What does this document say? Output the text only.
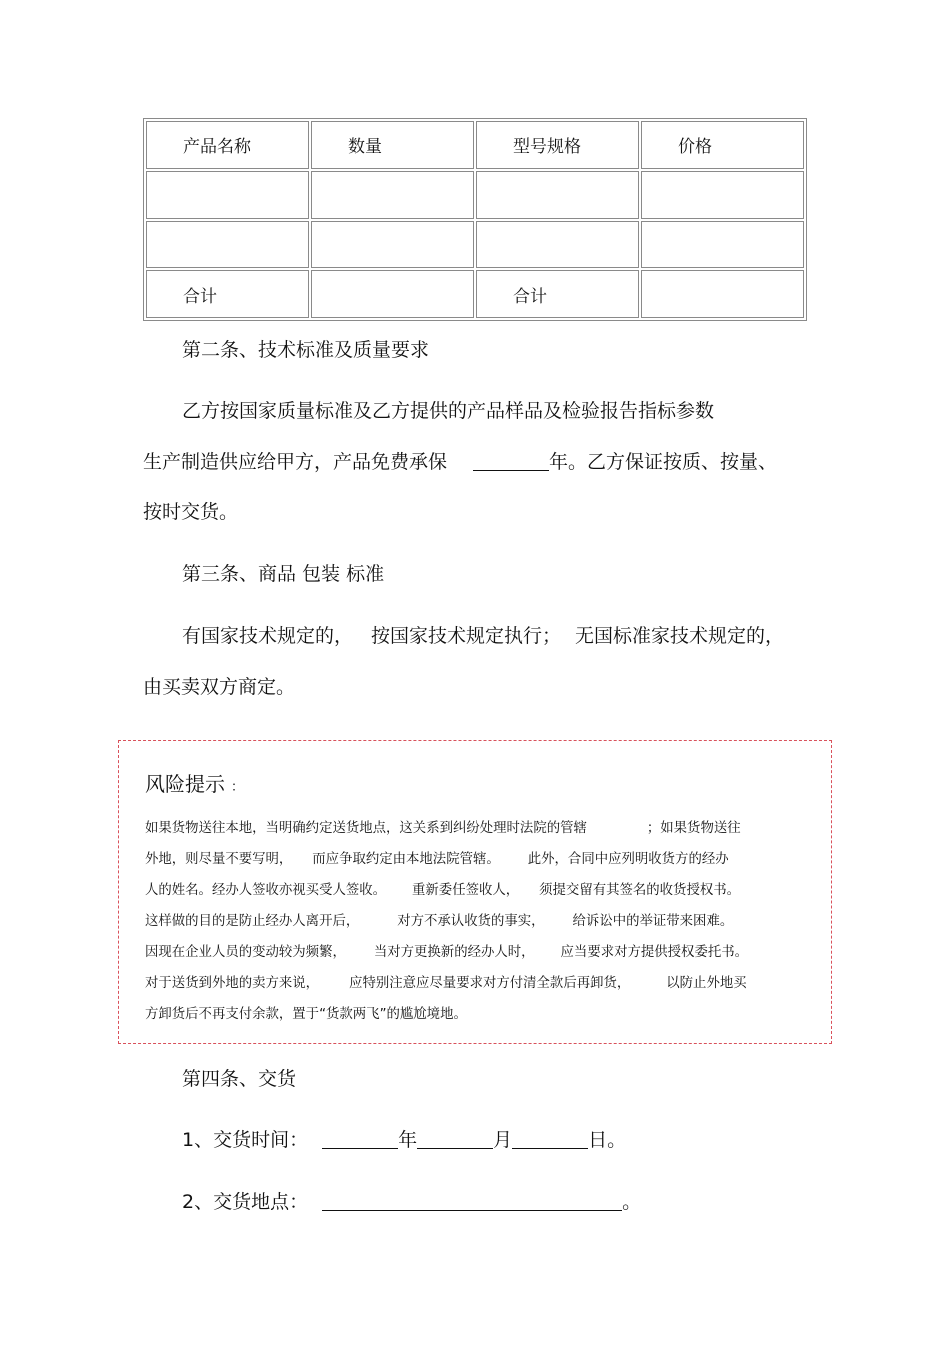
产品名称	数量	型号规格	价格

合计		合计	
第二条、技术标准及质量要求
乙方按国家质量标准及乙方提供的产品样品及检验报告指标参数
生产制造供应给甲方，产品免费承保	年。乙方保证按质、按量、
按时交货。
第三条、商品 包装 标准
有国家技术规定的， 按国家技术规定执行； 无国标准家技术规定的，
由买卖双方商定。
风险提示 ：
如果货物送往本地，当明确约定送货地点，这关系到纠纷处理时法院的管辖	；如果货物送往
外地，则尽量不要写明， 而应争取约定由本地法院管辖。 此外，合同中应列明收货方的经办
人的姓名。经办人签收亦视买受人签收。 重新委任签收人， 须提交留有其签名的收货授权书。
这样做的目的是防止经办人离开后，	对方不承认收货的事实， 给诉讼中的举证带来困难。
因现在企业人员的变动较为频繁， 当对方更换新的经办人时， 应当要求对方提供授权委托书。
对于送货到外地的卖方来说， 应特别注意应尽量要求对方付清全款后再卸货，	以防止外地买
方卸货后不再支付余款，置于“货款两飞”的尴尬境地。
第四条、交货
1、交货时间：	年	月	日。
2、交货地点：	。
